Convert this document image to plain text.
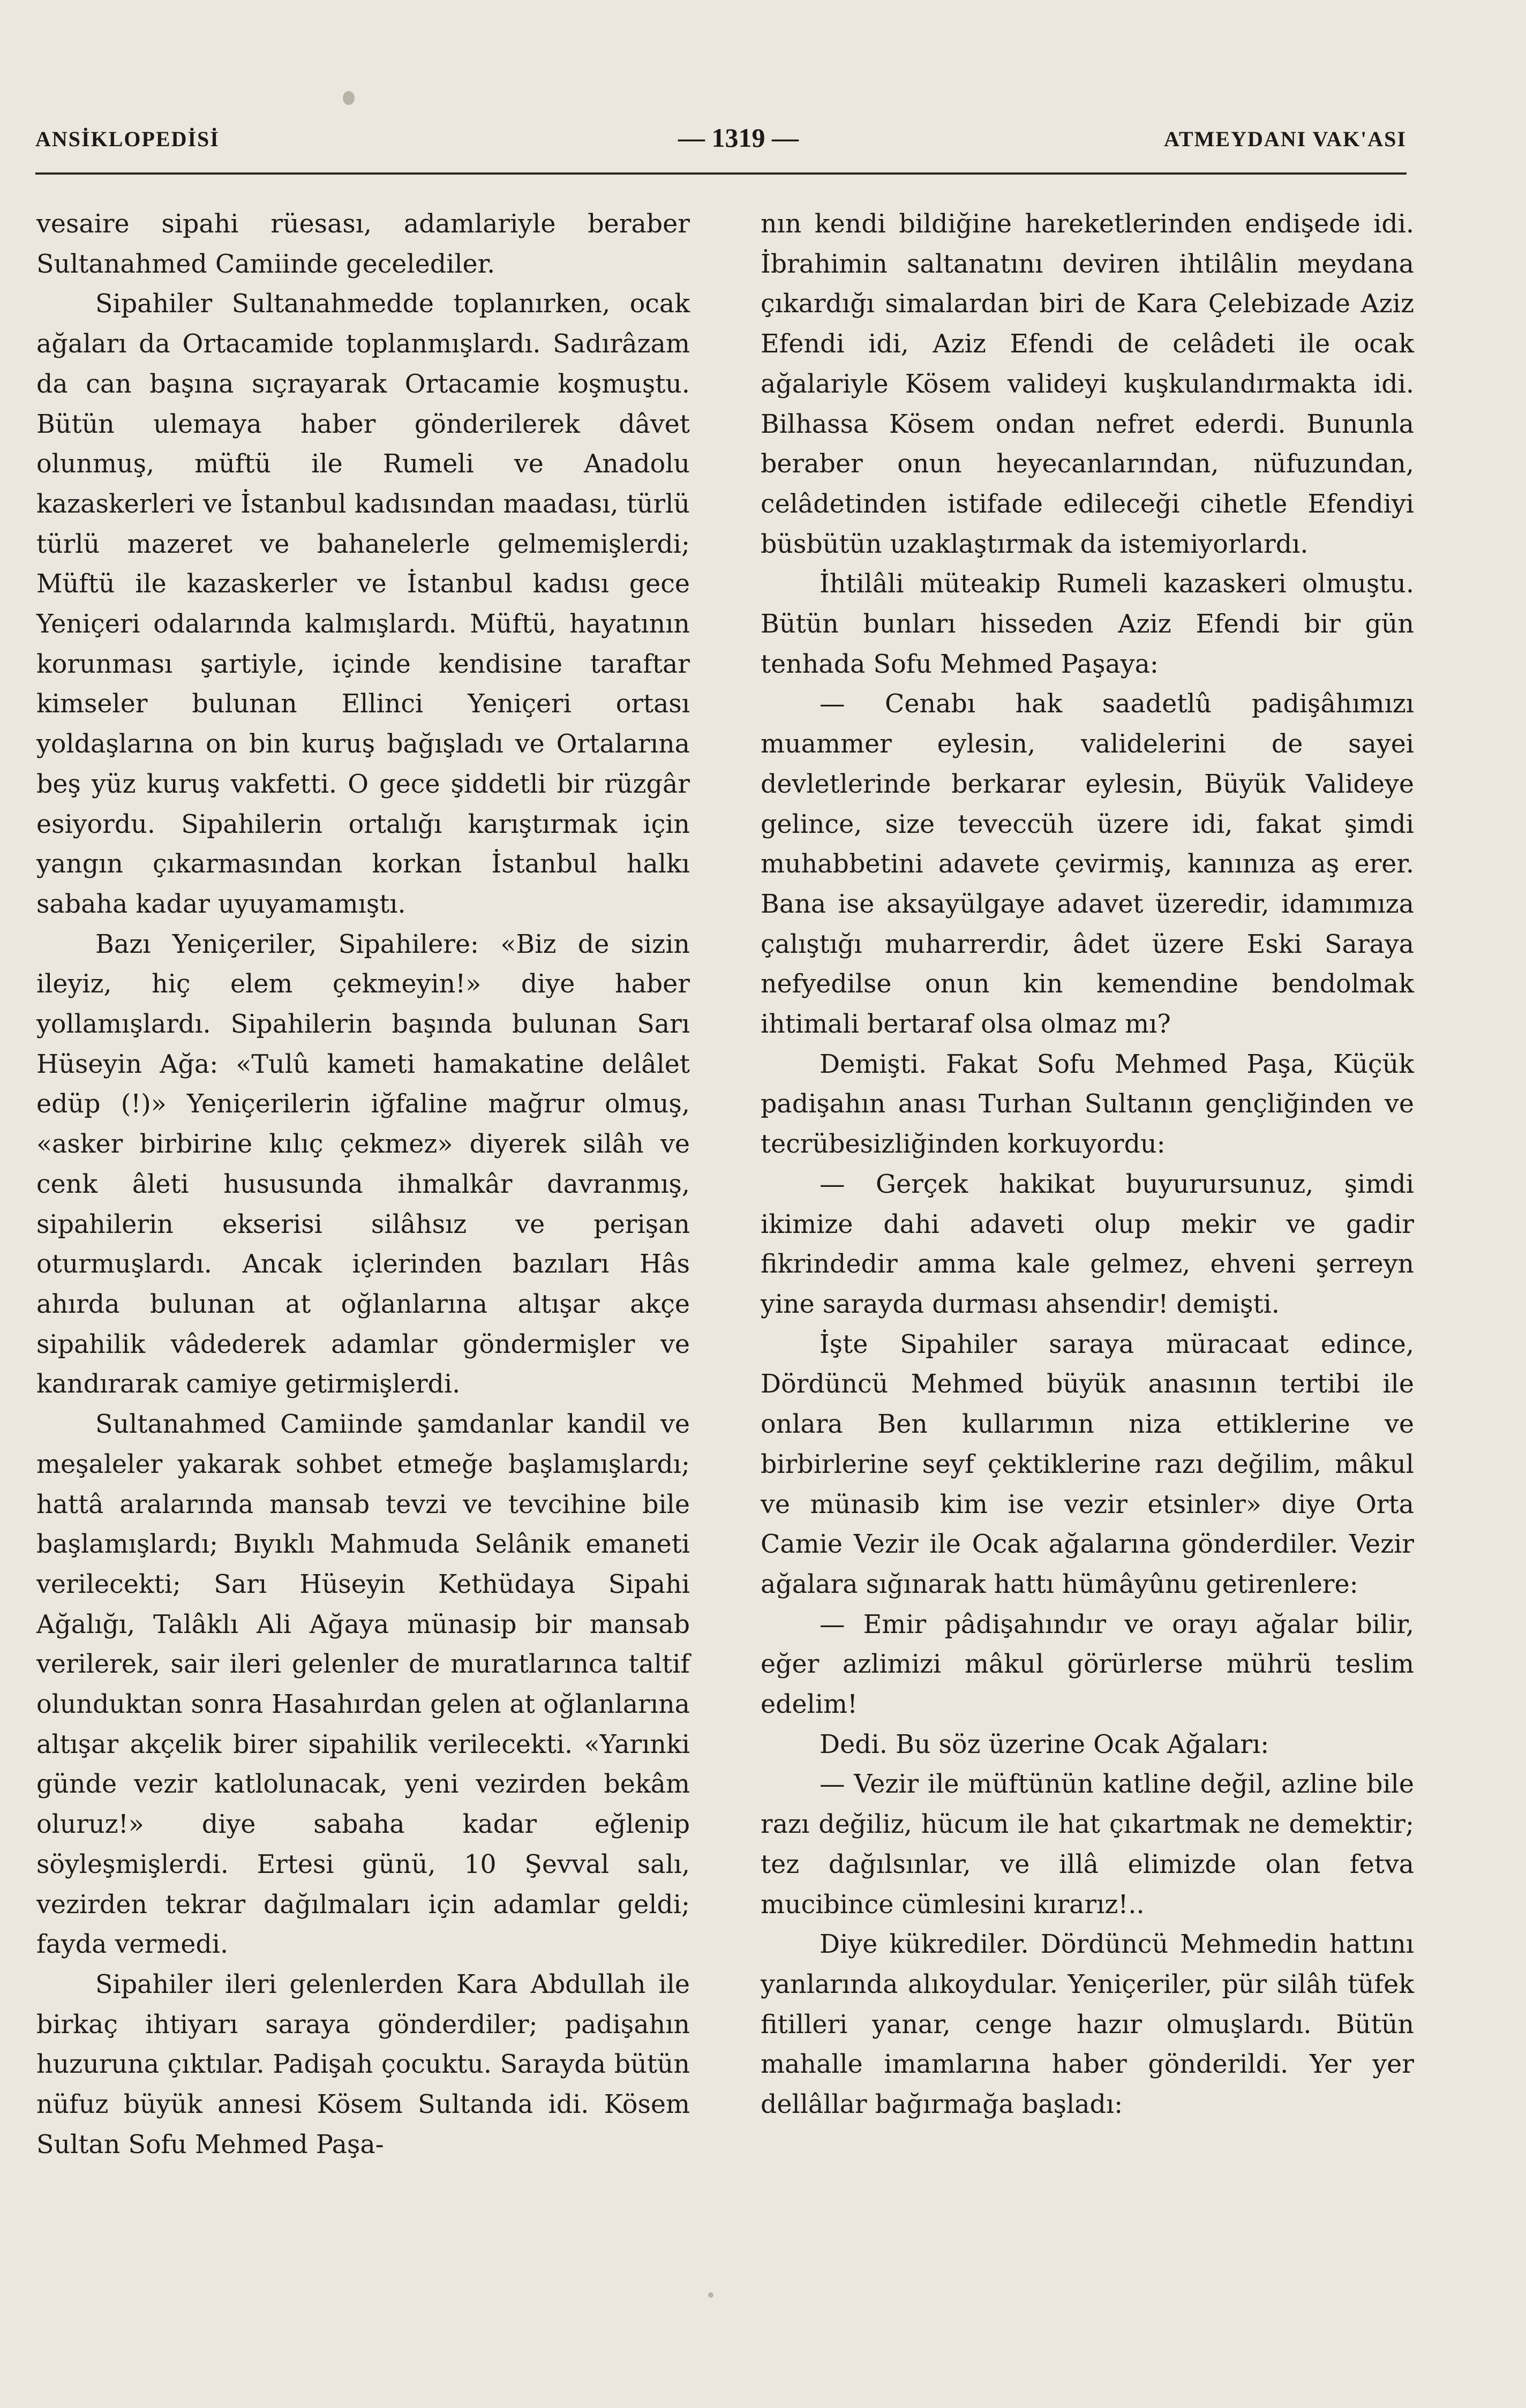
ANSİKLOPEDİSİ	— 1319 —	ATMEYDANI VAK'ASI

vesaire sipahi rüesası, adamlariyle beraber Sultanahmed Camiinde gecelediler.

Sipahiler Sultanahmedde toplanırken, ocak ağaları da Ortacamide toplanmışlardı. Sadırâzam da can başına sıçrayarak Ortacamie koşmuştu. Bütün ulemaya haber gönderilerek dâvet olunmuş, müftü ile Rumeli ve Anadolu kazaskerleri ve İstanbul kadısından maadası, türlü türlü mazeret ve bahanelerle gelmemişlerdi; Müftü ile kazaskerler ve İstanbul kadısı gece Yeniçeri odalarında kalmışlardı. Müftü, hayatının korunması şartiyle, içinde kendisine taraftar kimseler bulunan Ellinci Yeniçeri ortası yoldaşlarına on bin kuruş bağışladı ve Ortalarına beş yüz kuruş vakfetti. O gece şiddetli bir rüzgâr esiyordu. Sipahilerin ortalığı karıştırmak için yangın çıkarmasından korkan İstanbul halkı sabaha kadar uyuyamamıştı.

Bazı Yeniçeriler, Sipahilere: «Biz de sizin ileyiz, hiç elem çekmeyin!» diye haber yollamışlardı. Sipahilerin başında bulunan Sarı Hüseyin Ağa: «Tulû kameti hamakatine delâlet edüp (!)» Yeniçerilerin iğfaline mağrur olmuş, «asker birbirine kılıç çekmez» diyerek silâh ve cenk âleti hususunda ihmalkâr davranmış, sipahilerin ekserisi silâhsız ve perişan oturmuşlardı. Ancak içlerinden bazıları Hâs ahırda bulunan at oğlanlarına altışar akçe sipahilik vâdederek adamlar göndermişler ve kandırarak camiye getirmişlerdi.

Sultanahmed Camiinde şamdanlar kandil ve meşaleler yakarak sohbet etmeğe başlamışlardı; hattâ aralarında mansab tevzi ve tevcihine bile başlamışlardı; Bıyıklı Mahmuda Selânik emaneti verilecekti; Sarı Hüseyin Kethüdaya Sipahi Ağalığı, Talâklı Ali Ağaya münasip bir mansab verilerek, sair ileri gelenler de muratlarınca taltif olunduktan sonra Hasahırdan gelen at oğlanlarına altışar akçelik birer sipahilik verilecekti. «Yarınki günde vezir katlolunacak, yeni vezirden bekâm oluruz!» diye sabaha kadar eğlenip söyleşmişlerdi. Ertesi günü, 10 Şevval salı, vezirden tekrar dağılmaları için adamlar geldi; fayda vermedi.

Sipahiler ileri gelenlerden Kara Abdullah ile birkaç ihtiyarı saraya gönderdiler; padişahın huzuruna çıktılar. Padişah çocuktu. Sarayda bütün nüfuz büyük annesi Kösem Sultanda idi. Kösem Sultan Sofu Mehmed Paşa-

nın kendi bildiğine hareketlerinden endişede idi. İbrahimin saltanatını deviren ihtilâlin meydana çıkardığı simalardan biri de Kara Çelebizade Aziz Efendi idi, Aziz Efendi de celâdeti ile ocak ağalariyle Kösem valideyi kuşkulandırmakta idi. Bilhassa Kösem ondan nefret ederdi. Bununla beraber onun heyecanlarından, nüfuzundan, celâdetinden istifade edileceği cihetle Efendiyi büsbütün uzaklaştırmak da istemiyorlardı.

İhtilâli müteakip Rumeli kazaskeri olmuştu. Bütün bunları hisseden Aziz Efendi bir gün tenhada Sofu Mehmed Paşaya:

— Cenabı hak saadetlû padişâhımızı muammer eylesin, validelerini de sayei devletlerinde berkarar eylesin, Büyük Valideye gelince, size teveccüh üzere idi, fakat şimdi muhabbetini adavete çevirmiş, kanınıza aş erer. Bana ise aksayülgaye adavet üzeredir, idamımıza çalıştığı muharrerdir, âdet üzere Eski Saraya nefyedilse onun kin kemendine bendolmak ihtimali bertaraf olsa olmaz mı?

Demişti. Fakat Sofu Mehmed Paşa, Küçük padişahın anası Turhan Sultanın gençliğinden ve tecrübesizliğinden korkuyordu:

— Gerçek hakikat buyurursunuz, şimdi ikimize dahi adaveti olup mekir ve gadir fikrindedir amma kale gelmez, ehveni şerreyn yine sarayda durması ahsendir! demişti.

İşte Sipahiler saraya müracaat edince, Dördüncü Mehmed büyük anasının tertibi ile onlara Ben kullarımın niza ettiklerine ve birbirlerine seyf çektiklerine razı değilim, mâkul ve münasib kim ise vezir etsinler» diye Orta Camie Vezir ile Ocak ağalarına gönderdiler. Vezir ağalara sığınarak hattı hümâyûnu getirenlere:

— Emir pâdişahındır ve orayı ağalar bilir, eğer azlimizi mâkul görürlerse mührü teslim edelim!

Dedi. Bu söz üzerine Ocak Ağaları:

— Vezir ile müftünün katline değil, azline bile razı değiliz, hücum ile hat çıkartmak ne demektir; tez dağılsınlar, ve illâ elimizde olan fetva mucibince cümlesini kırarız!..

Diye kükrediler. Dördüncü Mehmedin hattını yanlarında alıkoydular. Yeniçeriler, pür silâh tüfek fitilleri yanar, cenge hazır olmuşlardı. Bütün mahalle imamlarına haber gönderildi. Yer yer dellâllar bağırmağa başladı:
